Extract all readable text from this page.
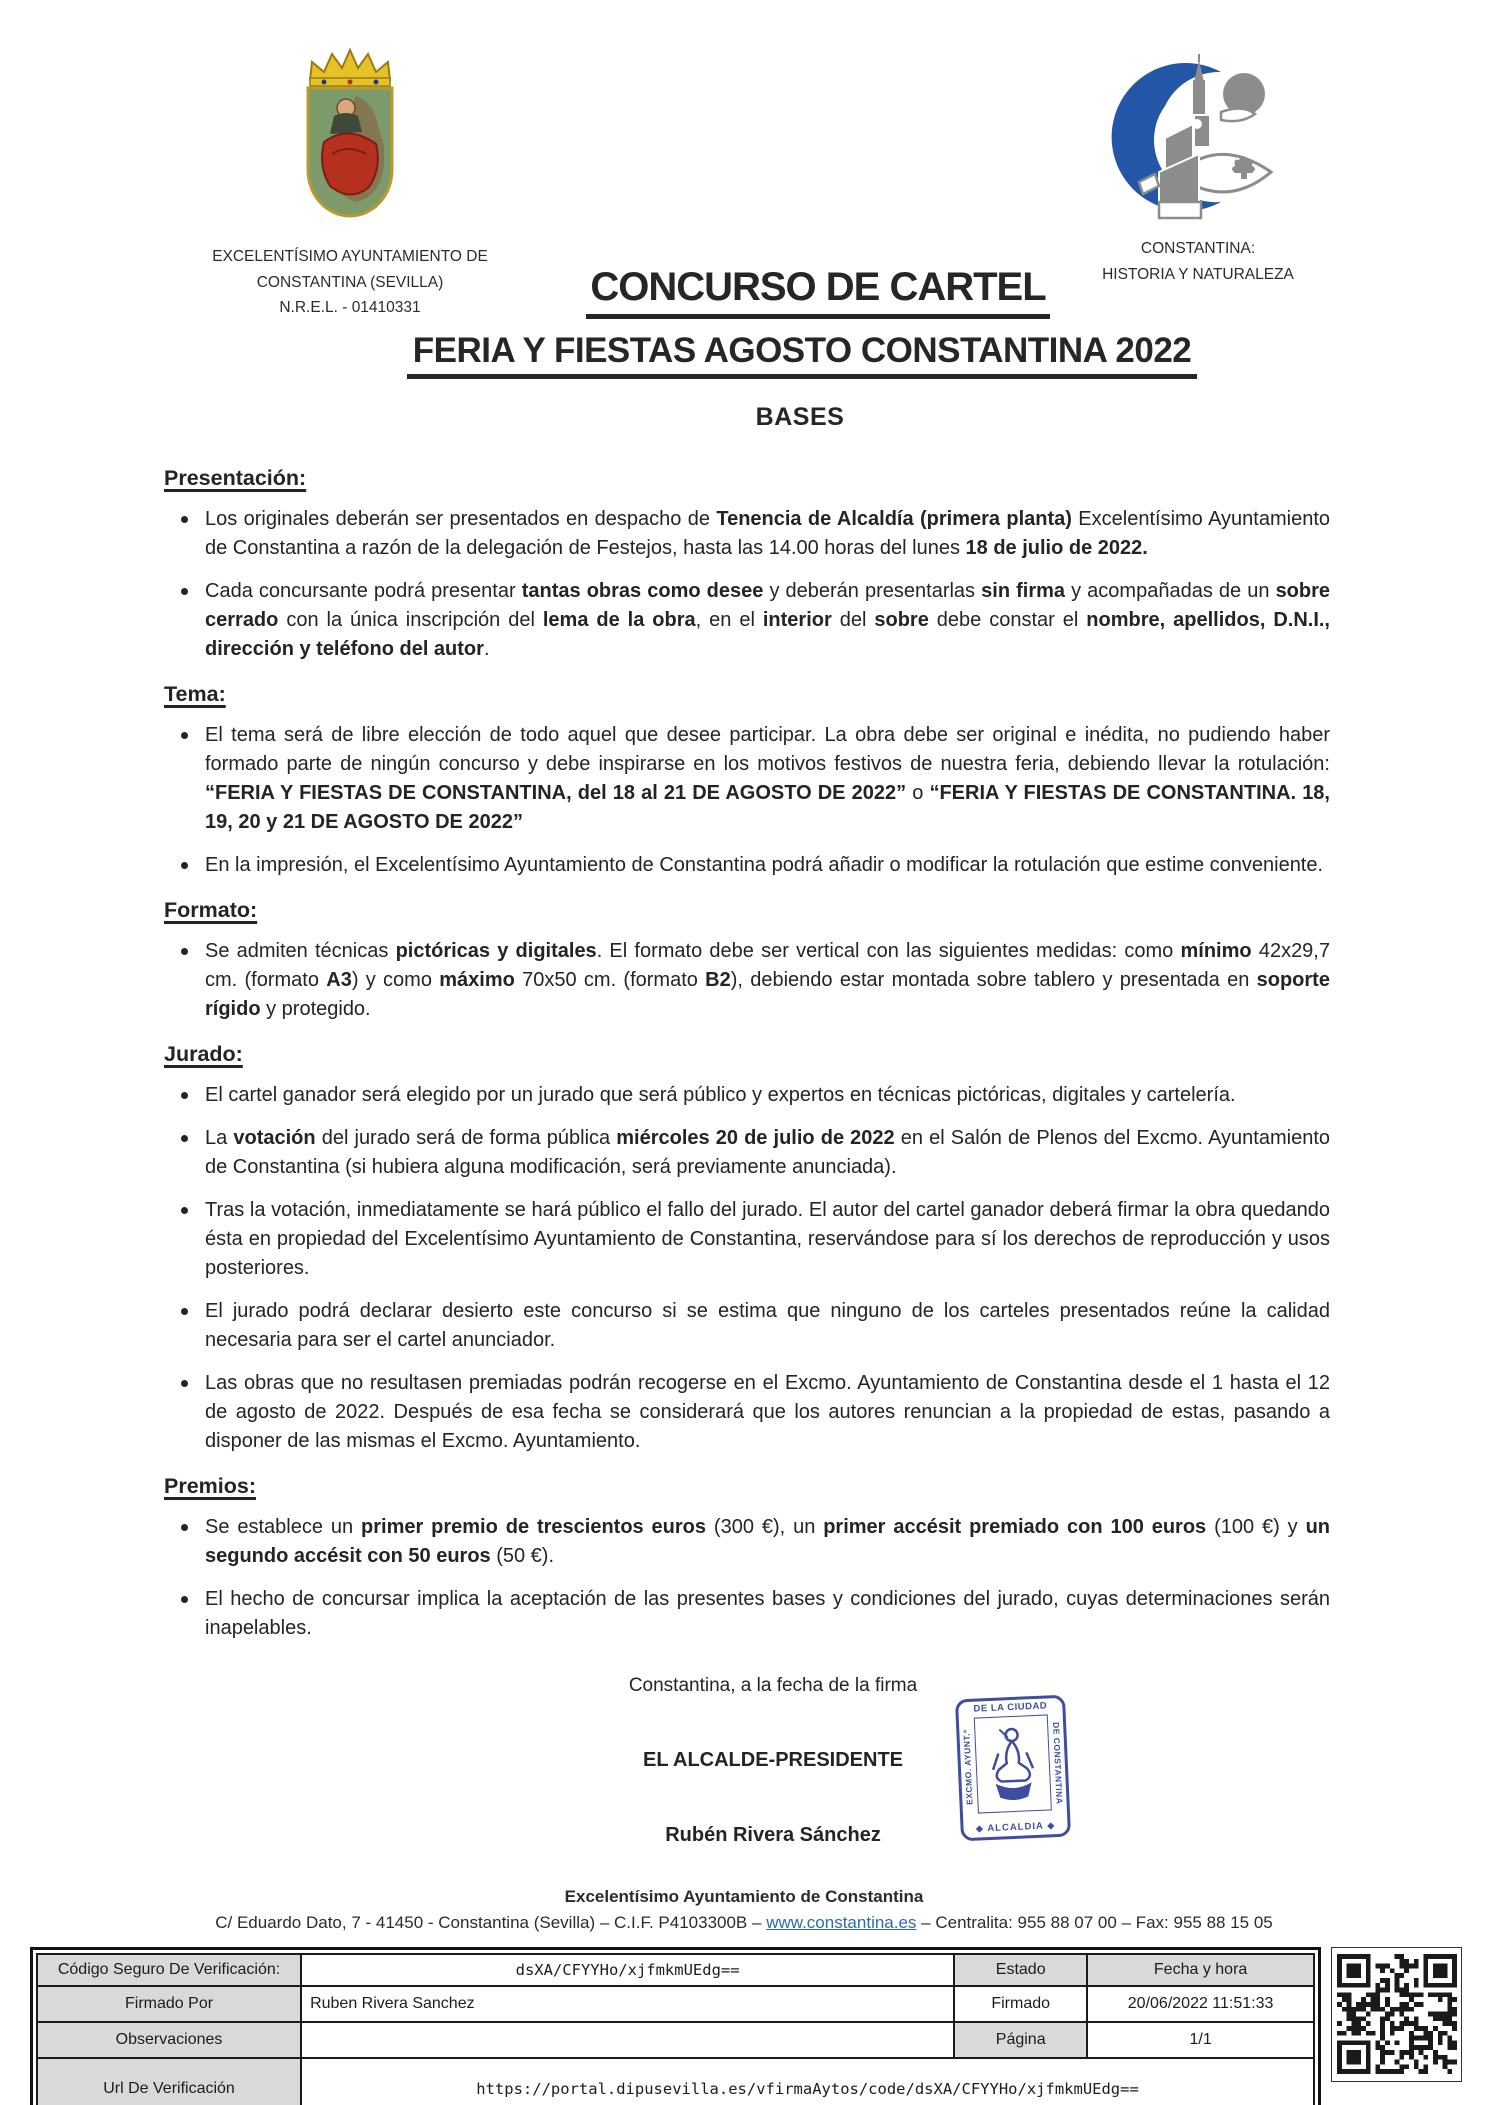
EXCELENTÍSIMO AYUNTAMIENTO DE
CONSTANTINA (SEVILLA)
N.R.E.L. - 01410331	CONCURSO DE CARTEL
CONSTANTINA:
HISTORIA Y NATURALEZA
FERIA Y FIESTAS AGOSTO CONSTANTINA 2022
BASES
Presentación:
Los originales deberán ser presentados en despacho de Tenencia de Alcaldía (primera planta) Excelentísimo Ayuntamiento de Constantina a razón de la delegación de Festejos, hasta las 14.00 horas del lunes 18 de julio de 2022.
Cada concursante podrá presentar tantas obras como desee y deberán presentarlas sin firma y acompañadas de un sobre cerrado con la única inscripción del lema de la obra, en el interior del sobre debe constar el nombre, apellidos, D.N.I., dirección y teléfono del autor.
Tema:
El tema será de libre elección de todo aquel que desee participar. La obra debe ser original e inédita, no pudiendo haber formado parte de ningún concurso y debe inspirarse en los motivos festivos de nuestra feria, debiendo llevar la rotulación: “FERIA Y FIESTAS DE CONSTANTINA, del 18 al 21 DE AGOSTO DE 2022” o “FERIA Y FIESTAS DE CONSTANTINA. 18, 19, 20 y 21 DE AGOSTO DE 2022”
En la impresión, el Excelentísimo Ayuntamiento de Constantina podrá añadir o modificar la rotulación que estime conveniente.
Formato:
Se admiten técnicas pictóricas y digitales. El formato debe ser vertical con las siguientes medidas: como mínimo 42x29,7 cm. (formato A3) y como máximo 70x50 cm. (formato B2), debiendo estar montada sobre tablero y presentada en soporte rígido y protegido.
Jurado:
El cartel ganador será elegido por un jurado que será público y expertos en técnicas pictóricas, digitales y cartelería.
La votación del jurado será de forma pública miércoles 20 de julio de 2022 en el Salón de Plenos del Excmo. Ayuntamiento de Constantina (si hubiera alguna modificación, será previamente anunciada).
Tras la votación, inmediatamente se hará público el fallo del jurado. El autor del cartel ganador deberá firmar la obra quedando ésta en propiedad del Excelentísimo Ayuntamiento de Constantina, reservándose para sí los derechos de reproducción y usos posteriores.
El jurado podrá declarar desierto este concurso si se estima que ninguno de los carteles presentados reúne la calidad necesaria para ser el cartel anunciador.
Las obras que no resultasen premiadas podrán recogerse en el Excmo. Ayuntamiento de Constantina desde el 1 hasta el 12 de agosto de 2022. Después de esa fecha se considerará que los autores renuncian a la propiedad de estas, pasando a disponer de las mismas el Excmo. Ayuntamiento.
Premios:
Se establece un primer premio de trescientos euros (300 €), un primer accésit premiado con 100 euros (100 €) y un segundo accésit con 50 euros (50 €).
El hecho de concursar implica la aceptación de las presentes bases y condiciones del jurado, cuyas determinaciones serán inapelables.
Constantina, a la fecha de la firma
EL ALCALDE-PRESIDENTE
Rubén Rivera Sánchez
DE LA CIUDAD
EXCMO. AYUNT.ª	DE CONSTANTINA
◆ ALCALDIA ◆
Excelentísimo Ayuntamiento de Constantina
C/ Eduardo Dato, 7 - 41450 - Constantina (Sevilla) – C.I.F. P4103300B – www.constantina.es – Centralita: 955 88 07 00 – Fax: 955 88 15 05
Código Seguro De Verificación:	dsXA/CFYYHo/xjfmkmUEdg==	Estado	Fecha y hora
Firmado Por	Ruben Rivera Sanchez	Firmado	20/06/2022 11:51:33
Observaciones		Página	1/1
Url De Verificación	https://portal.dipusevilla.es/vfirmaAytos/code/dsXA/CFYYHo/xjfmkmUEdg==		
